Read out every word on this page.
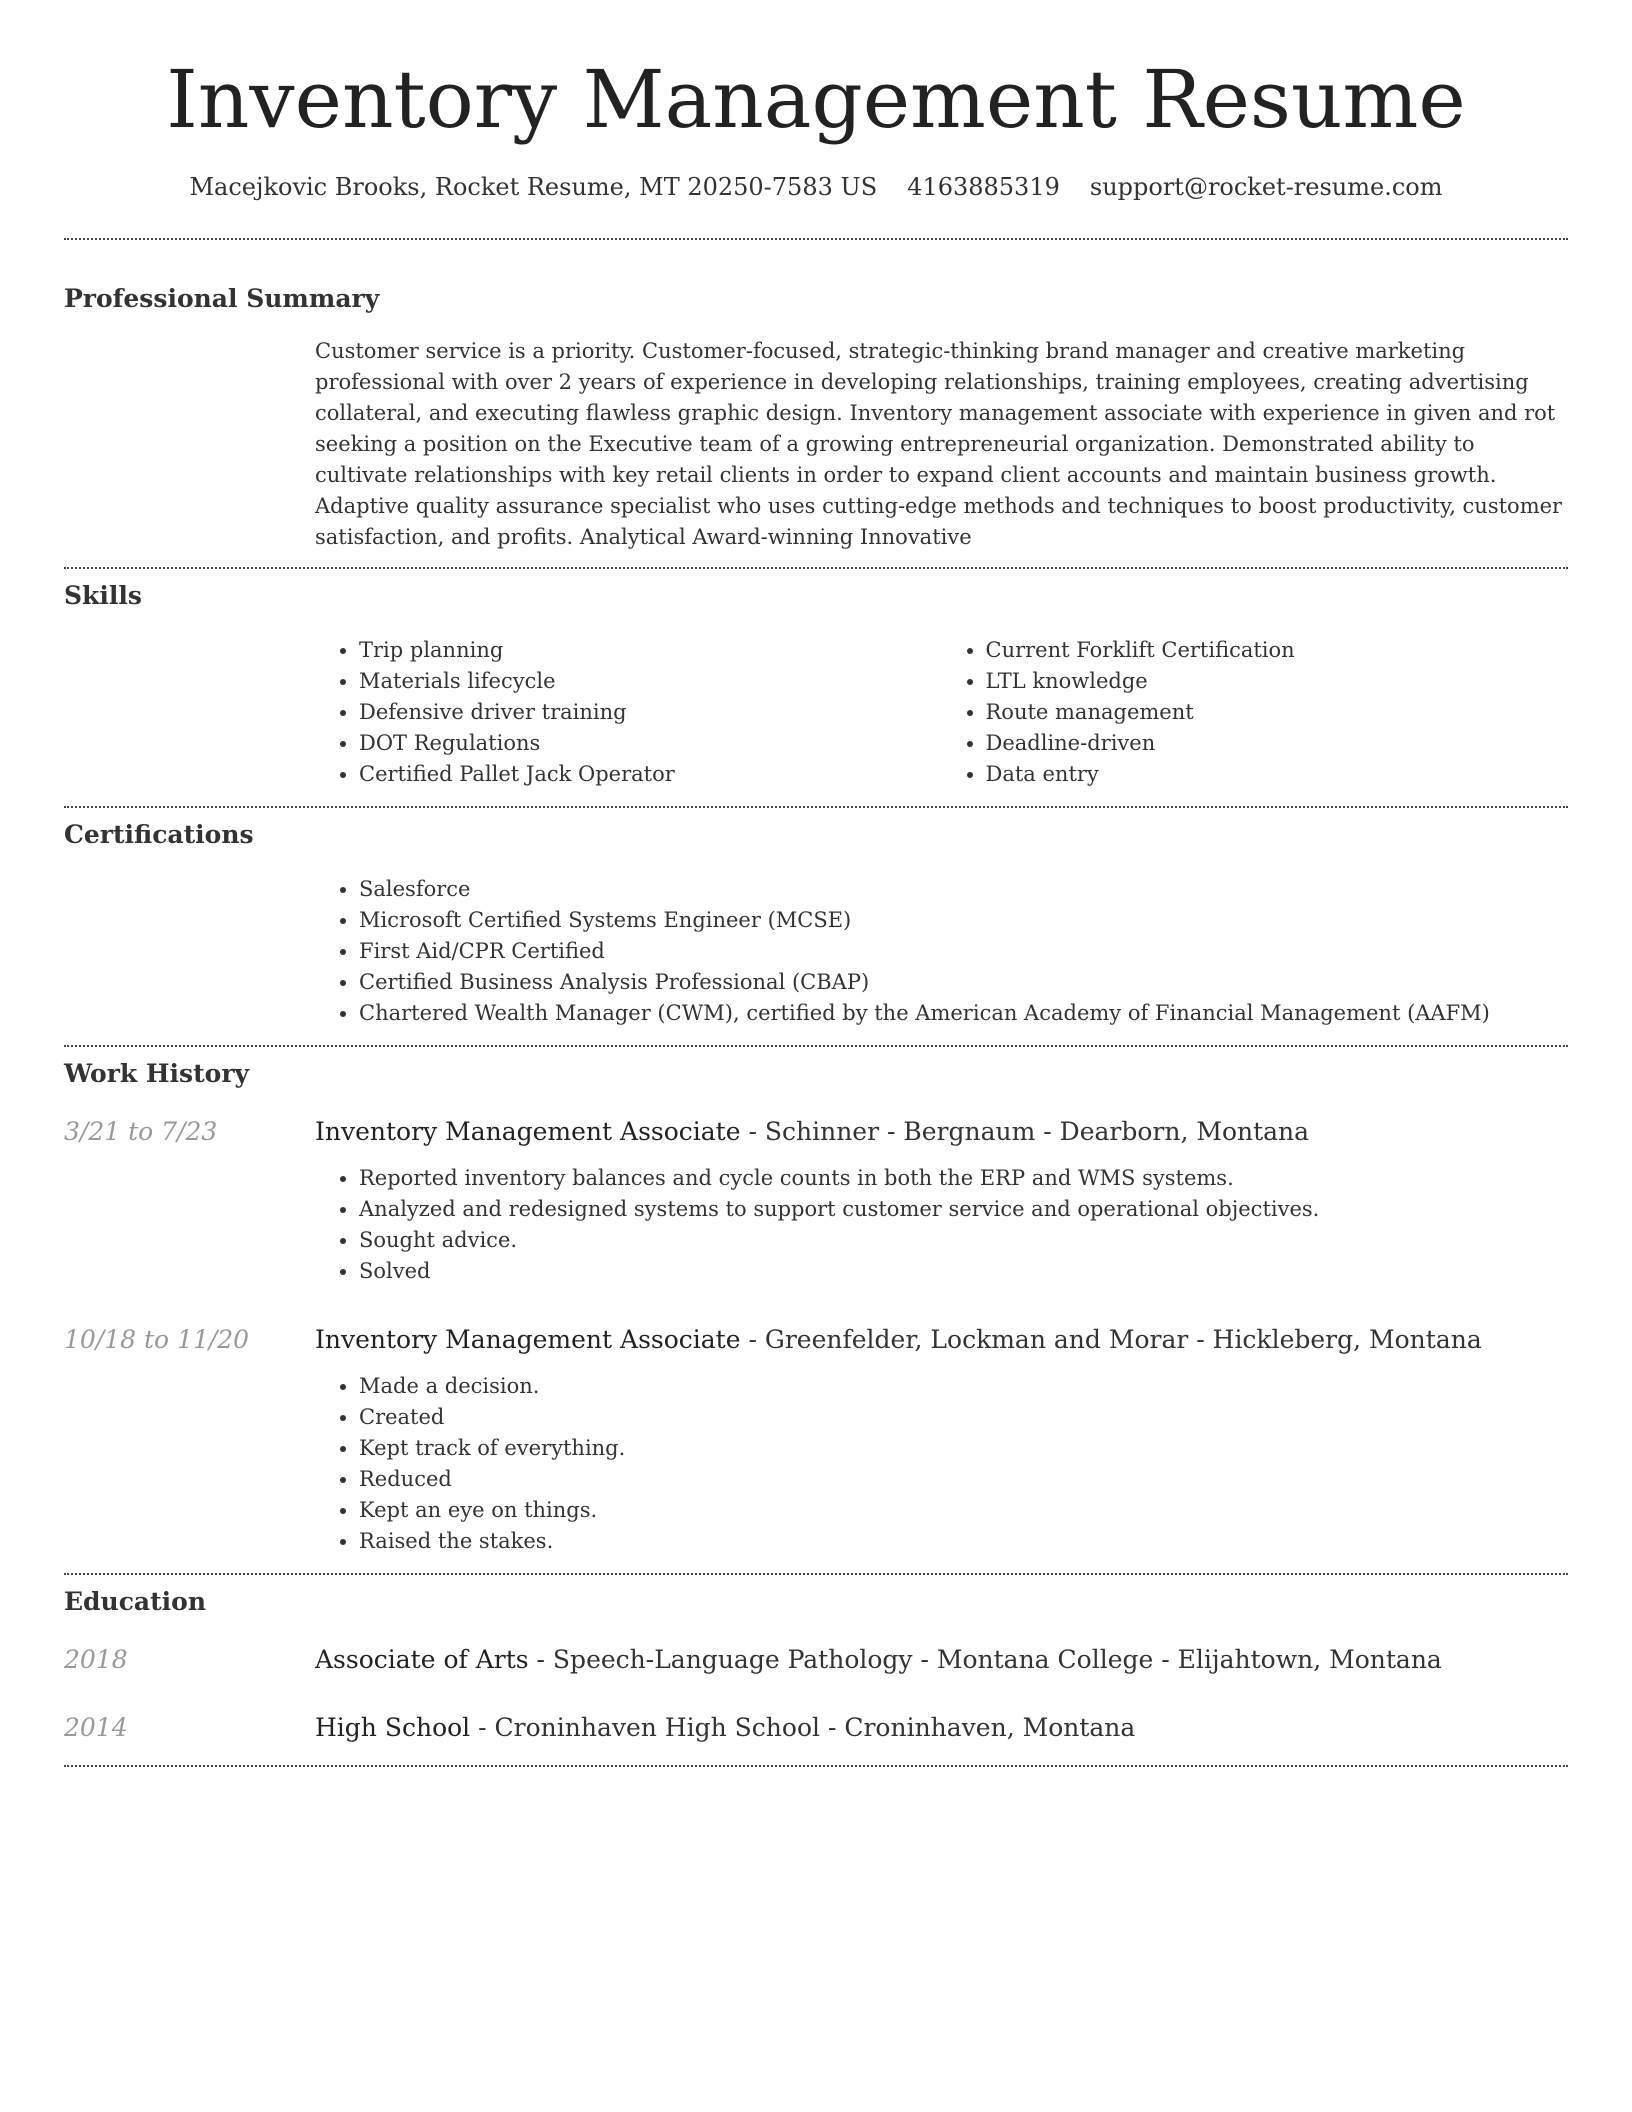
Inventory Management Resume
Macejkovic Brooks, Rocket Resume, MT 20250-7583 US 4163885319 support@rocket-resume.com
Professional Summary
Customer service is a priority. Customer-focused, strategic-thinking brand manager and creative marketing professional with over 2 years of experience in developing relationships, training employees, creating advertising collateral, and executing flawless graphic design. Inventory management associate with experience in given and rot seeking a position on the Executive team of a growing entrepreneurial organization. Demonstrated ability to cultivate relationships with key retail clients in order to expand client accounts and maintain business growth. Adaptive quality assurance specialist who uses cutting-edge methods and techniques to boost productivity, customer satisfaction, and profits. Analytical Award-winning Innovative
Skills
• Trip planning
• Materials lifecycle
• Defensive driver training
• DOT Regulations
• Certified Pallet Jack Operator
• Current Forklift Certification
• LTL knowledge
• Route management
• Deadline-driven
• Data entry
Certifications
• Salesforce
• Microsoft Certified Systems Engineer (MCSE)
• First Aid/CPR Certified
• Certified Business Analysis Professional (CBAP)
• Chartered Wealth Manager (CWM), certified by the American Academy of Financial Management (AAFM)
Work History
3/21 to 7/23	Inventory Management Associate - Schinner - Bergnaum - Dearborn, Montana
• Reported inventory balances and cycle counts in both the ERP and WMS systems.
• Analyzed and redesigned systems to support customer service and operational objectives.
• Sought advice.
• Solved
10/18 to 11/20	Inventory Management Associate - Greenfelder, Lockman and Morar - Hickleberg, Montana
• Made a decision.
• Created
• Kept track of everything.
• Reduced
• Kept an eye on things.
• Raised the stakes.
Education
2018	Associate of Arts - Speech-Language Pathology - Montana College - Elijahtown, Montana
2014	High School - Croninhaven High School - Croninhaven, Montana
